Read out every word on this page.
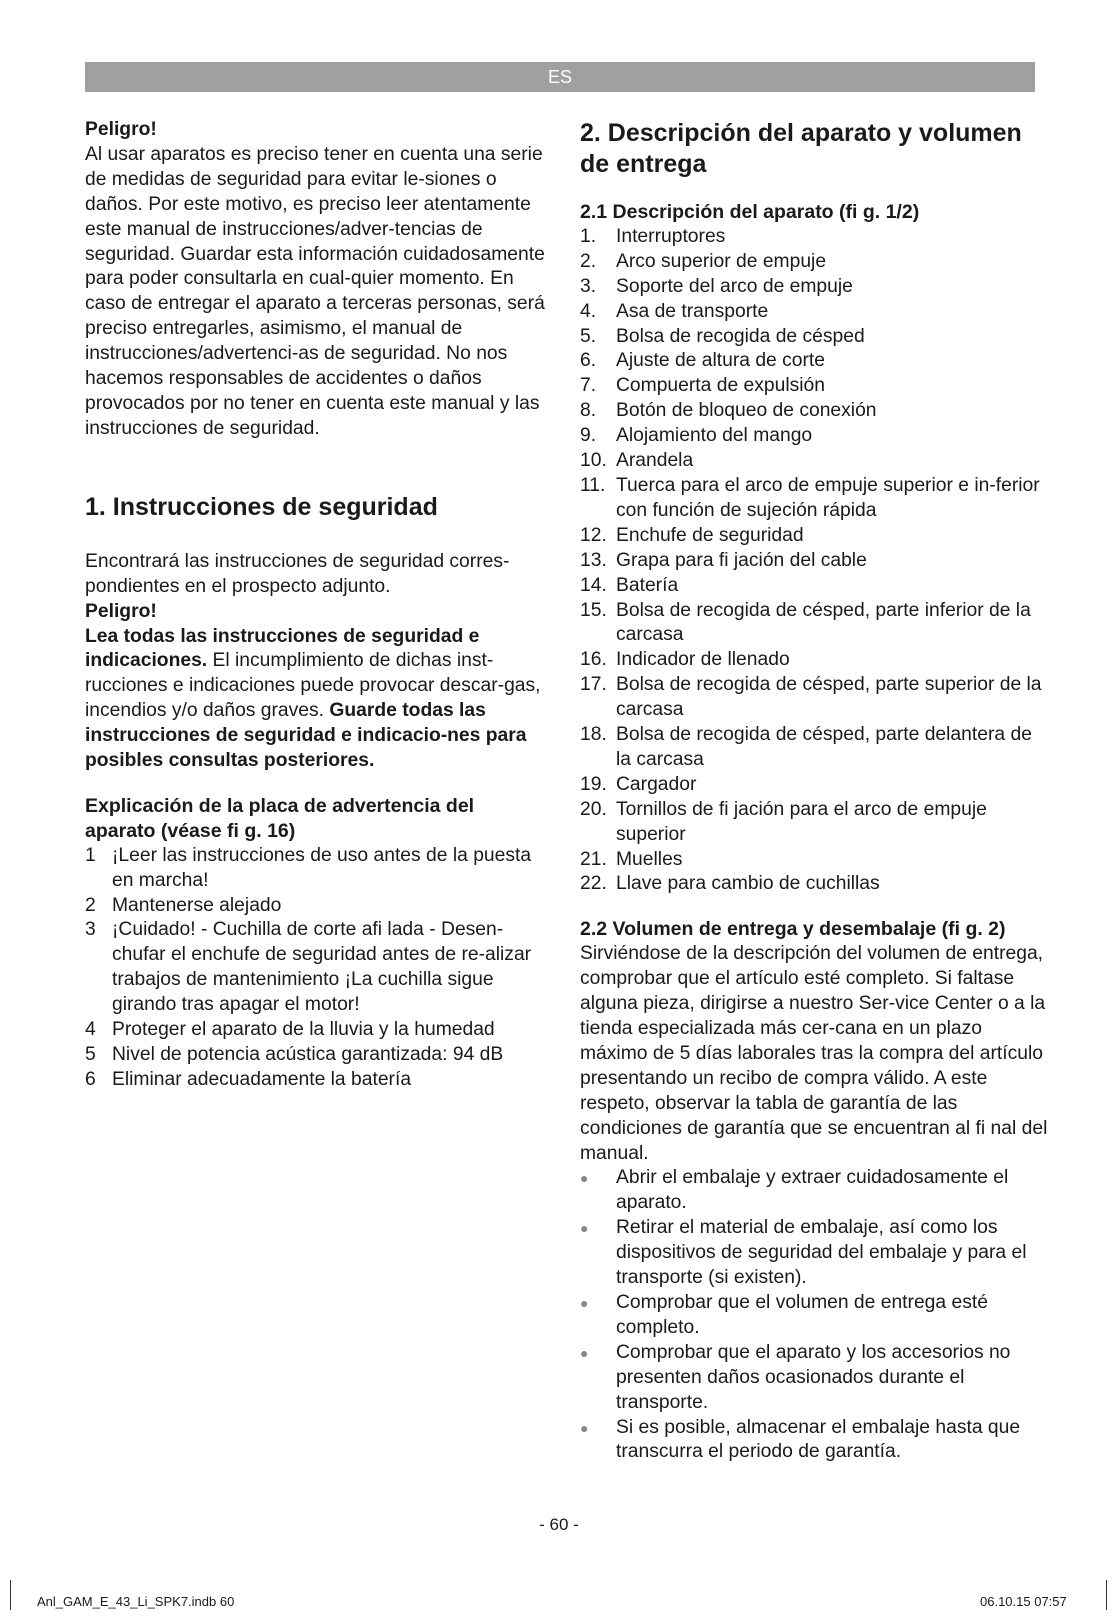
ES

Peligro!

Al usar aparatos es preciso tener en cuenta una serie de medidas de seguridad para evitar le-siones o daños. Por este motivo, es preciso leer atentamente este manual de instrucciones/adver-tencias de seguridad. Guardar esta información cuidadosamente para poder consultarla en cual-quier momento. En caso de entregar el aparato a terceras personas, será preciso entregarles, asimismo, el manual de instrucciones/advertenci-as de seguridad. No nos hacemos responsables de accidentes o daños provocados por no tener en cuenta este manual y las instrucciones de seguridad.

1. Instrucciones de seguridad

Encontrará las instrucciones de seguridad corres-pondientes en el prospecto adjunto.

Peligro!

Lea todas las instrucciones de seguridad e indicaciones. El incumplimiento de dichas inst-rucciones e indicaciones puede provocar descar-gas, incendios y/o daños graves. Guarde todas las instrucciones de seguridad e indicacio-nes para posibles consultas posteriores.

Explicación de la placa de advertencia del aparato (véase fi g. 16)

1 ¡Leer las instrucciones de uso antes de la puesta en marcha!
2 Mantenerse alejado
3 ¡Cuidado! - Cuchilla de corte afi lada - Desen-chufar el enchufe de seguridad antes de re-alizar trabajos de mantenimiento ¡La cuchilla sigue girando tras apagar el motor!
4 Proteger el aparato de la lluvia y la humedad
5 Nivel de potencia acústica garantizada: 94 dB
6 Eliminar adecuadamente la batería

2. Descripción del aparato y volumen de entrega

2.1 Descripción del aparato (fi g. 1/2)

1.	Interruptores
2.	Arco superior de empuje
3.	Soporte del arco de empuje
4.	Asa de transporte
5.	Bolsa de recogida de césped
6.	Ajuste de altura de corte
7.	Compuerta de expulsión
8.	Botón de bloqueo de conexión
9.	Alojamiento del mango
10. Arandela
11. Tuerca para el arco de empuje superior e in-ferior con función de sujeción rápida
12. Enchufe de seguridad
13. Grapa para fi jación del cable
14. Batería
15. Bolsa de recogida de césped, parte inferior de la carcasa
16. Indicador de llenado
17. Bolsa de recogida de césped, parte superior de la carcasa
18. Bolsa de recogida de césped, parte delantera de la carcasa
19. Cargador
20. Tornillos de fi jación para el arco de empuje superior
21. Muelles
22. Llave para cambio de cuchillas

2.2 Volumen de entrega y desembalaje (fi g. 2)

Sirviéndose de la descripción del volumen de entrega, comprobar que el artículo esté completo. Si faltase alguna pieza, dirigirse a nuestro Ser-vice Center o a la tienda especializada más cer-cana en un plazo máximo de 5 días laborales tras la compra del artículo presentando un recibo de compra válido. A este respeto, observar la tabla de garantía de las condiciones de garantía que se encuentran al fi nal del manual.

●	Abrir el embalaje y extraer cuidadosamente el aparato.
●	Retirar el material de embalaje, así como los dispositivos de seguridad del embalaje y para el transporte (si existen).
●	Comprobar que el volumen de entrega esté completo.
●	Comprobar que el aparato y los accesorios no presenten daños ocasionados durante el transporte.
●	Si es posible, almacenar el embalaje hasta que transcurra el periodo de garantía.
- 60 -
Anl_GAM_E_43_Li_SPK7.indb 60	06.10.15 07:57
